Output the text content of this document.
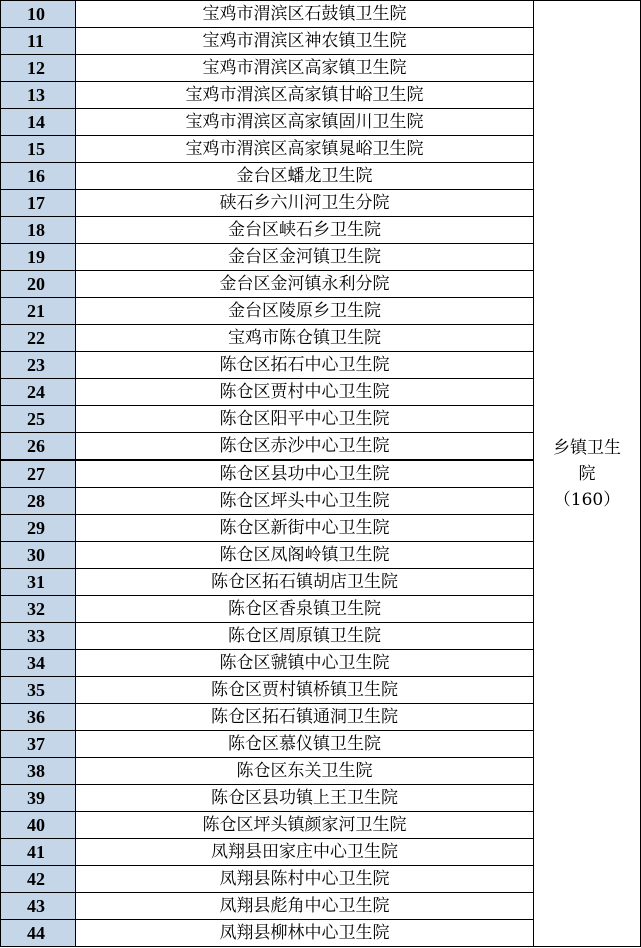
10	宝鸡市渭滨区石鼓镇卫生院	乡镇卫生
院
（160）

11	宝鸡市渭滨区神农镇卫生院	
12	宝鸡市渭滨区高家镇卫生院	
13	宝鸡市渭滨区高家镇甘峪卫生院	
14	宝鸡市渭滨区高家镇固川卫生院	
15	宝鸡市渭滨区高家镇晁峪卫生院	
16	金台区蟠龙卫生院	
17	硖石乡六川河卫生分院	
18	金台区峡石乡卫生院	
19	金台区金河镇卫生院	
20	金台区金河镇永利分院	
21	金台区陵原乡卫生院	
22	宝鸡市陈仓镇卫生院	
23	陈仓区拓石中心卫生院	
24	陈仓区贾村中心卫生院	
25	陈仓区阳平中心卫生院	
26	陈仓区赤沙中心卫生院	
27	陈仓区县功中心卫生院	
28	陈仓区坪头中心卫生院	
29	陈仓区新街中心卫生院	
30	陈仓区凤阁岭镇卫生院	
31	陈仓区拓石镇胡店卫生院	
32	陈仓区香泉镇卫生院	
33	陈仓区周原镇卫生院	
34	陈仓区虢镇中心卫生院	
35	陈仓区贾村镇桥镇卫生院	
36	陈仓区拓石镇通洞卫生院	
37	陈仓区慕仪镇卫生院	
38	陈仓区东关卫生院	
39	陈仓区县功镇上王卫生院	
40	陈仓区坪头镇颜家河卫生院	
41	凤翔县田家庄中心卫生院	
42	凤翔县陈村中心卫生院	
43	凤翔县彪角中心卫生院	
44	凤翔县柳林中心卫生院	
